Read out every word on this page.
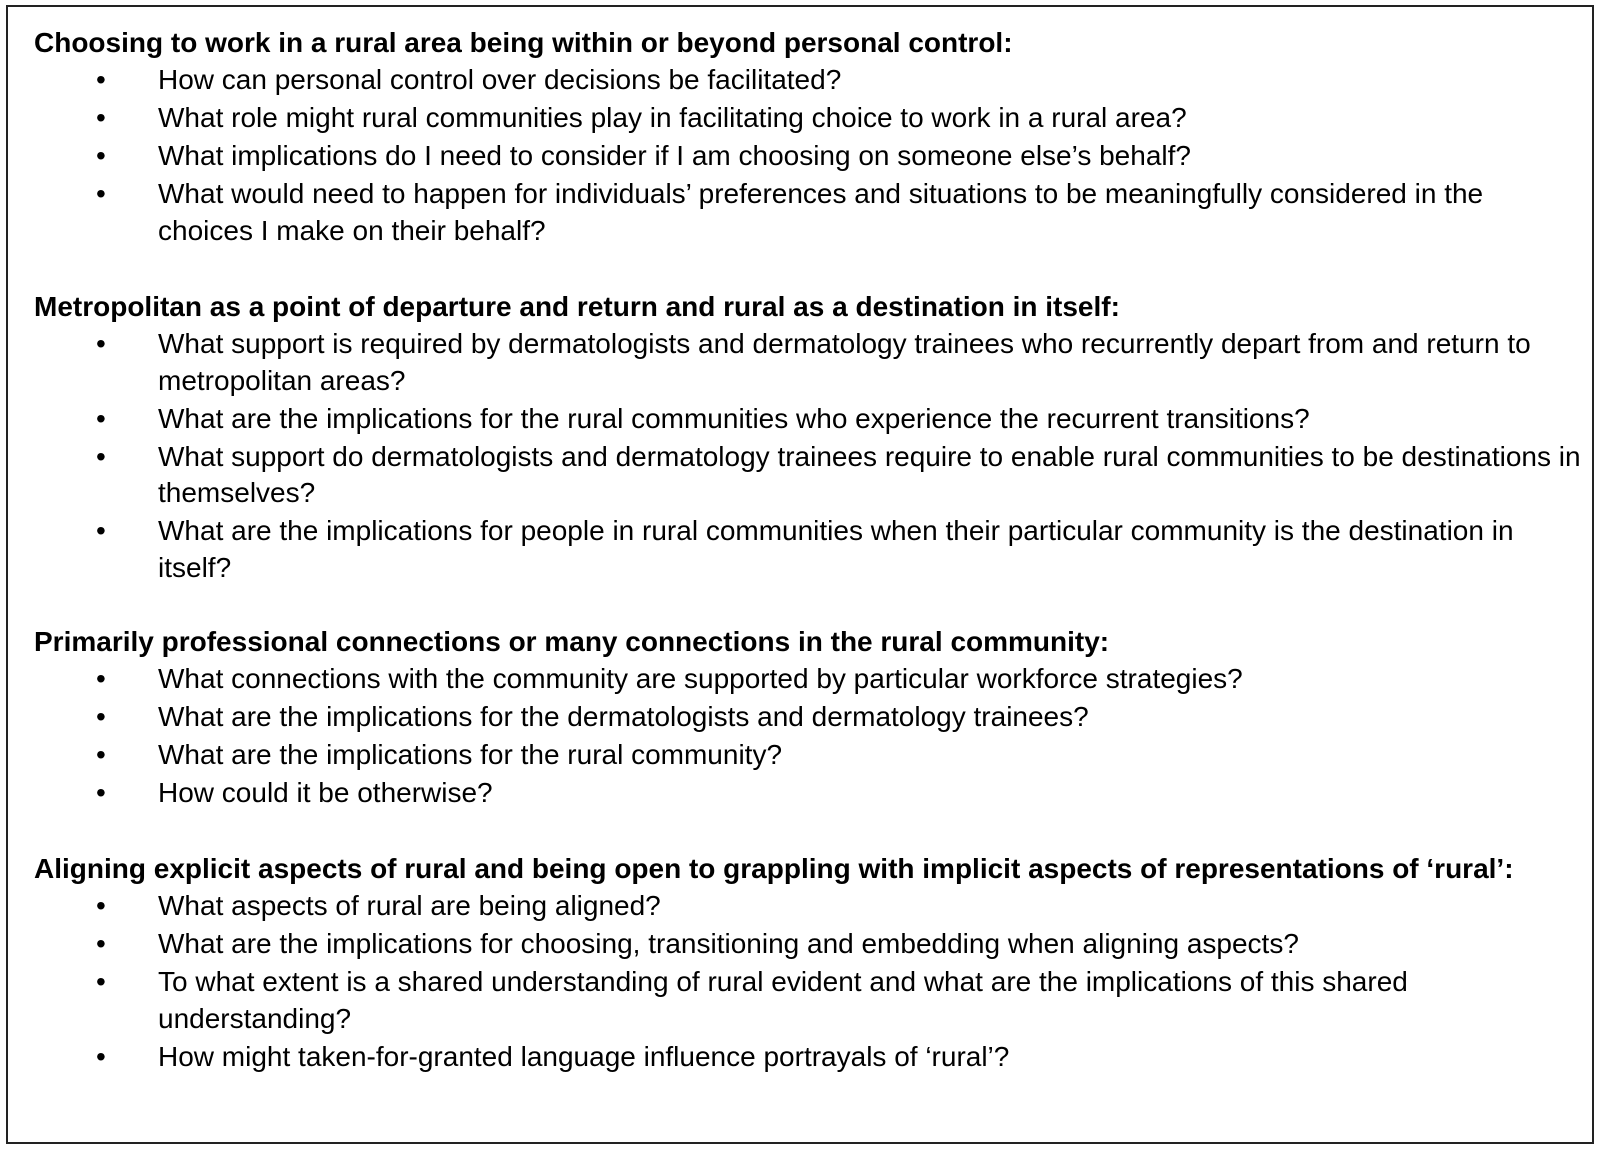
Choosing to work in a rural area being within or beyond personal control:

• How can personal control over decisions be facilitated?
• What role might rural communities play in facilitating choice to work in a rural area?
• What implications do I need to consider if I am choosing on someone else’s behalf?
• What would need to happen for individuals’ preferences and situations to be meaningfully considered in the choices I make on their behalf?

Metropolitan as a point of departure and return and rural as a destination in itself:

• What support is required by dermatologists and dermatology trainees who recurrently depart from and return to metropolitan areas?
• What are the implications for the rural communities who experience the recurrent transitions?
• What support do dermatologists and dermatology trainees require to enable rural communities to be destinations in themselves?
• What are the implications for people in rural communities when their particular community is the destination in itself?

Primarily professional connections or many connections in the rural community:

• What connections with the community are supported by particular workforce strategies?
• What are the implications for the dermatologists and dermatology trainees?
• What are the implications for the rural community?
• How could it be otherwise?

Aligning explicit aspects of rural and being open to grappling with implicit aspects of representations of ‘rural’:

• What aspects of rural are being aligned?
• What are the implications for choosing, transitioning and embedding when aligning aspects?
• To what extent is a shared understanding of rural evident and what are the implications of this shared understanding?
• How might taken-for-granted language influence portrayals of ‘rural’?
